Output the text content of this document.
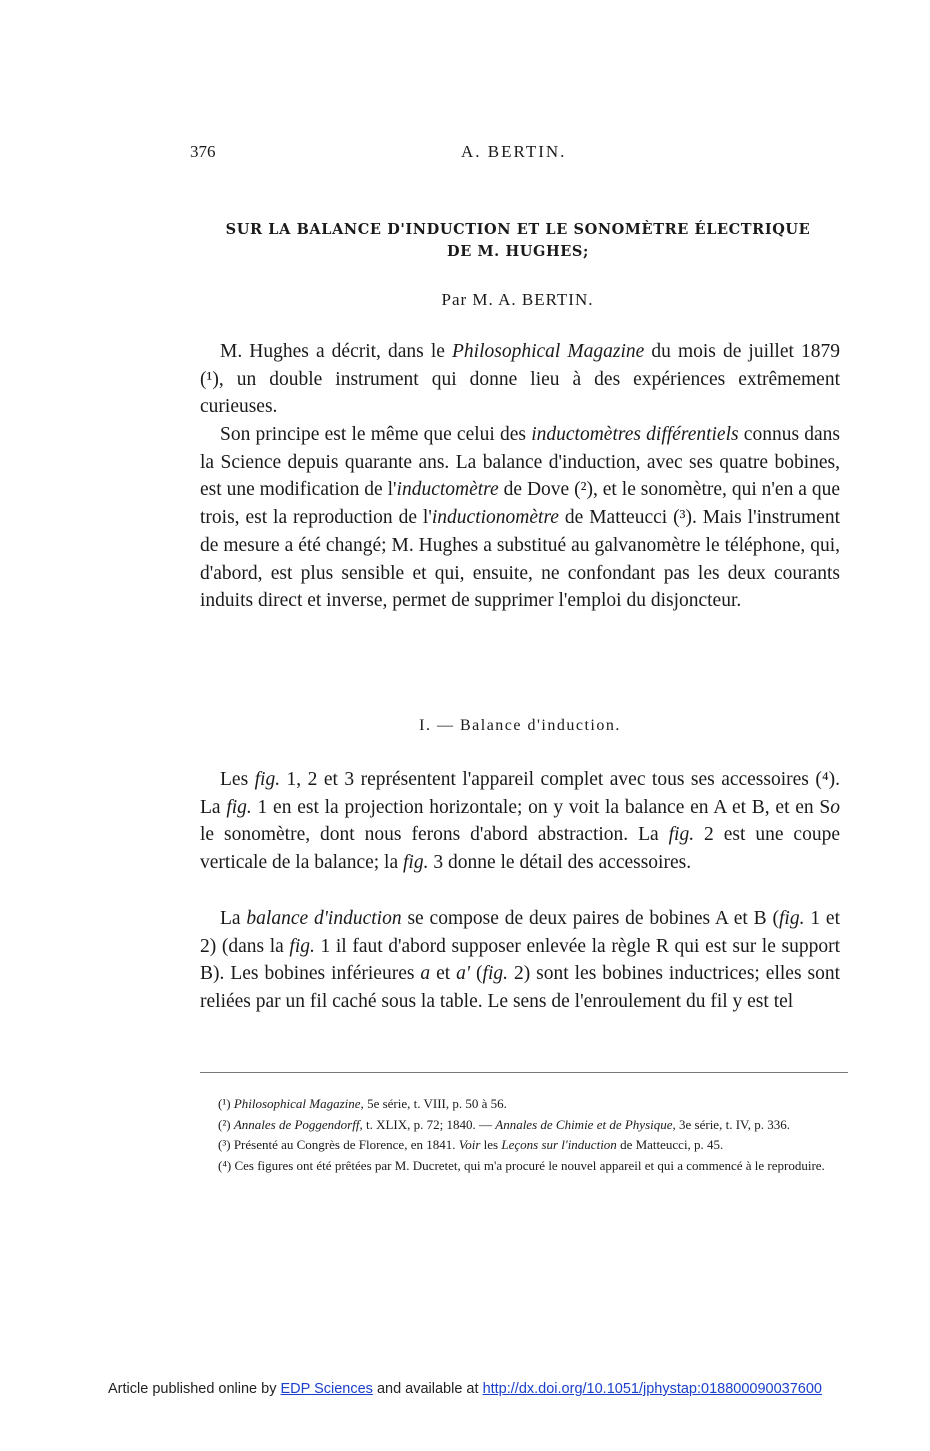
376	A. BERTIN.
SUR LA BALANCE D'INDUCTION ET LE SONOMÈTRE ÉLECTRIQUE
DE M. HUGHES;
Par M. A. BERTIN.

M. Hughes a décrit, dans le Philosophical Magazine du mois de juillet 1879 (¹), un double instrument qui donne lieu à des expériences extrêmement curieuses.

Son principe est le même que celui des inductomètres différentiels connus dans la Science depuis quarante ans. La balance d'induction, avec ses quatre bobines, est une modification de l'inductomètre de Dove (²), et le sonomètre, qui n'en a que trois, est la reproduction de l'inductionomètre de Matteucci (³). Mais l'instrument de mesure a été changé; M. Hughes a substitué au galvanomètre le téléphone, qui, d'abord, est plus sensible et qui, ensuite, ne confondant pas les deux courants induits direct et inverse, permet de supprimer l'emploi du disjoncteur.

I. — Balance d'induction.

Les fig. 1, 2 et 3 représentent l'appareil complet avec tous ses accessoires (⁴). La fig. 1 en est la projection horizontale; on y voit la balance en A et B, et en So le sonomètre, dont nous ferons d'abord abstraction. La fig. 2 est une coupe verticale de la balance; la fig. 3 donne le détail des accessoires.

La balance d'induction se compose de deux paires de bobines A et B (fig. 1 et 2) (dans la fig. 1 il faut d'abord supposer enlevée la règle R qui est sur le support B). Les bobines inférieures a et a' (fig. 2) sont les bobines inductrices; elles sont reliées par un fil caché sous la table. Le sens de l'enroulement du fil y est tel

(¹) Philosophical Magazine, 5e série, t. VIII, p. 50 à 56.

(²) Annales de Poggendorff, t. XLIX, p. 72; 1840. — Annales de Chimie et de Physique, 3e série, t. IV, p. 336.

(³) Présenté au Congrès de Florence, en 1841. Voir les Leçons sur l'induction de Matteucci, p. 45.

(⁴) Ces figures ont été prêtées par M. Ducretet, qui m'a procuré le nouvel appareil et qui a commencé à le reproduire.

Article published online by EDP Sciences and available at http://dx.doi.org/10.1051/jphystap:018800090037600
